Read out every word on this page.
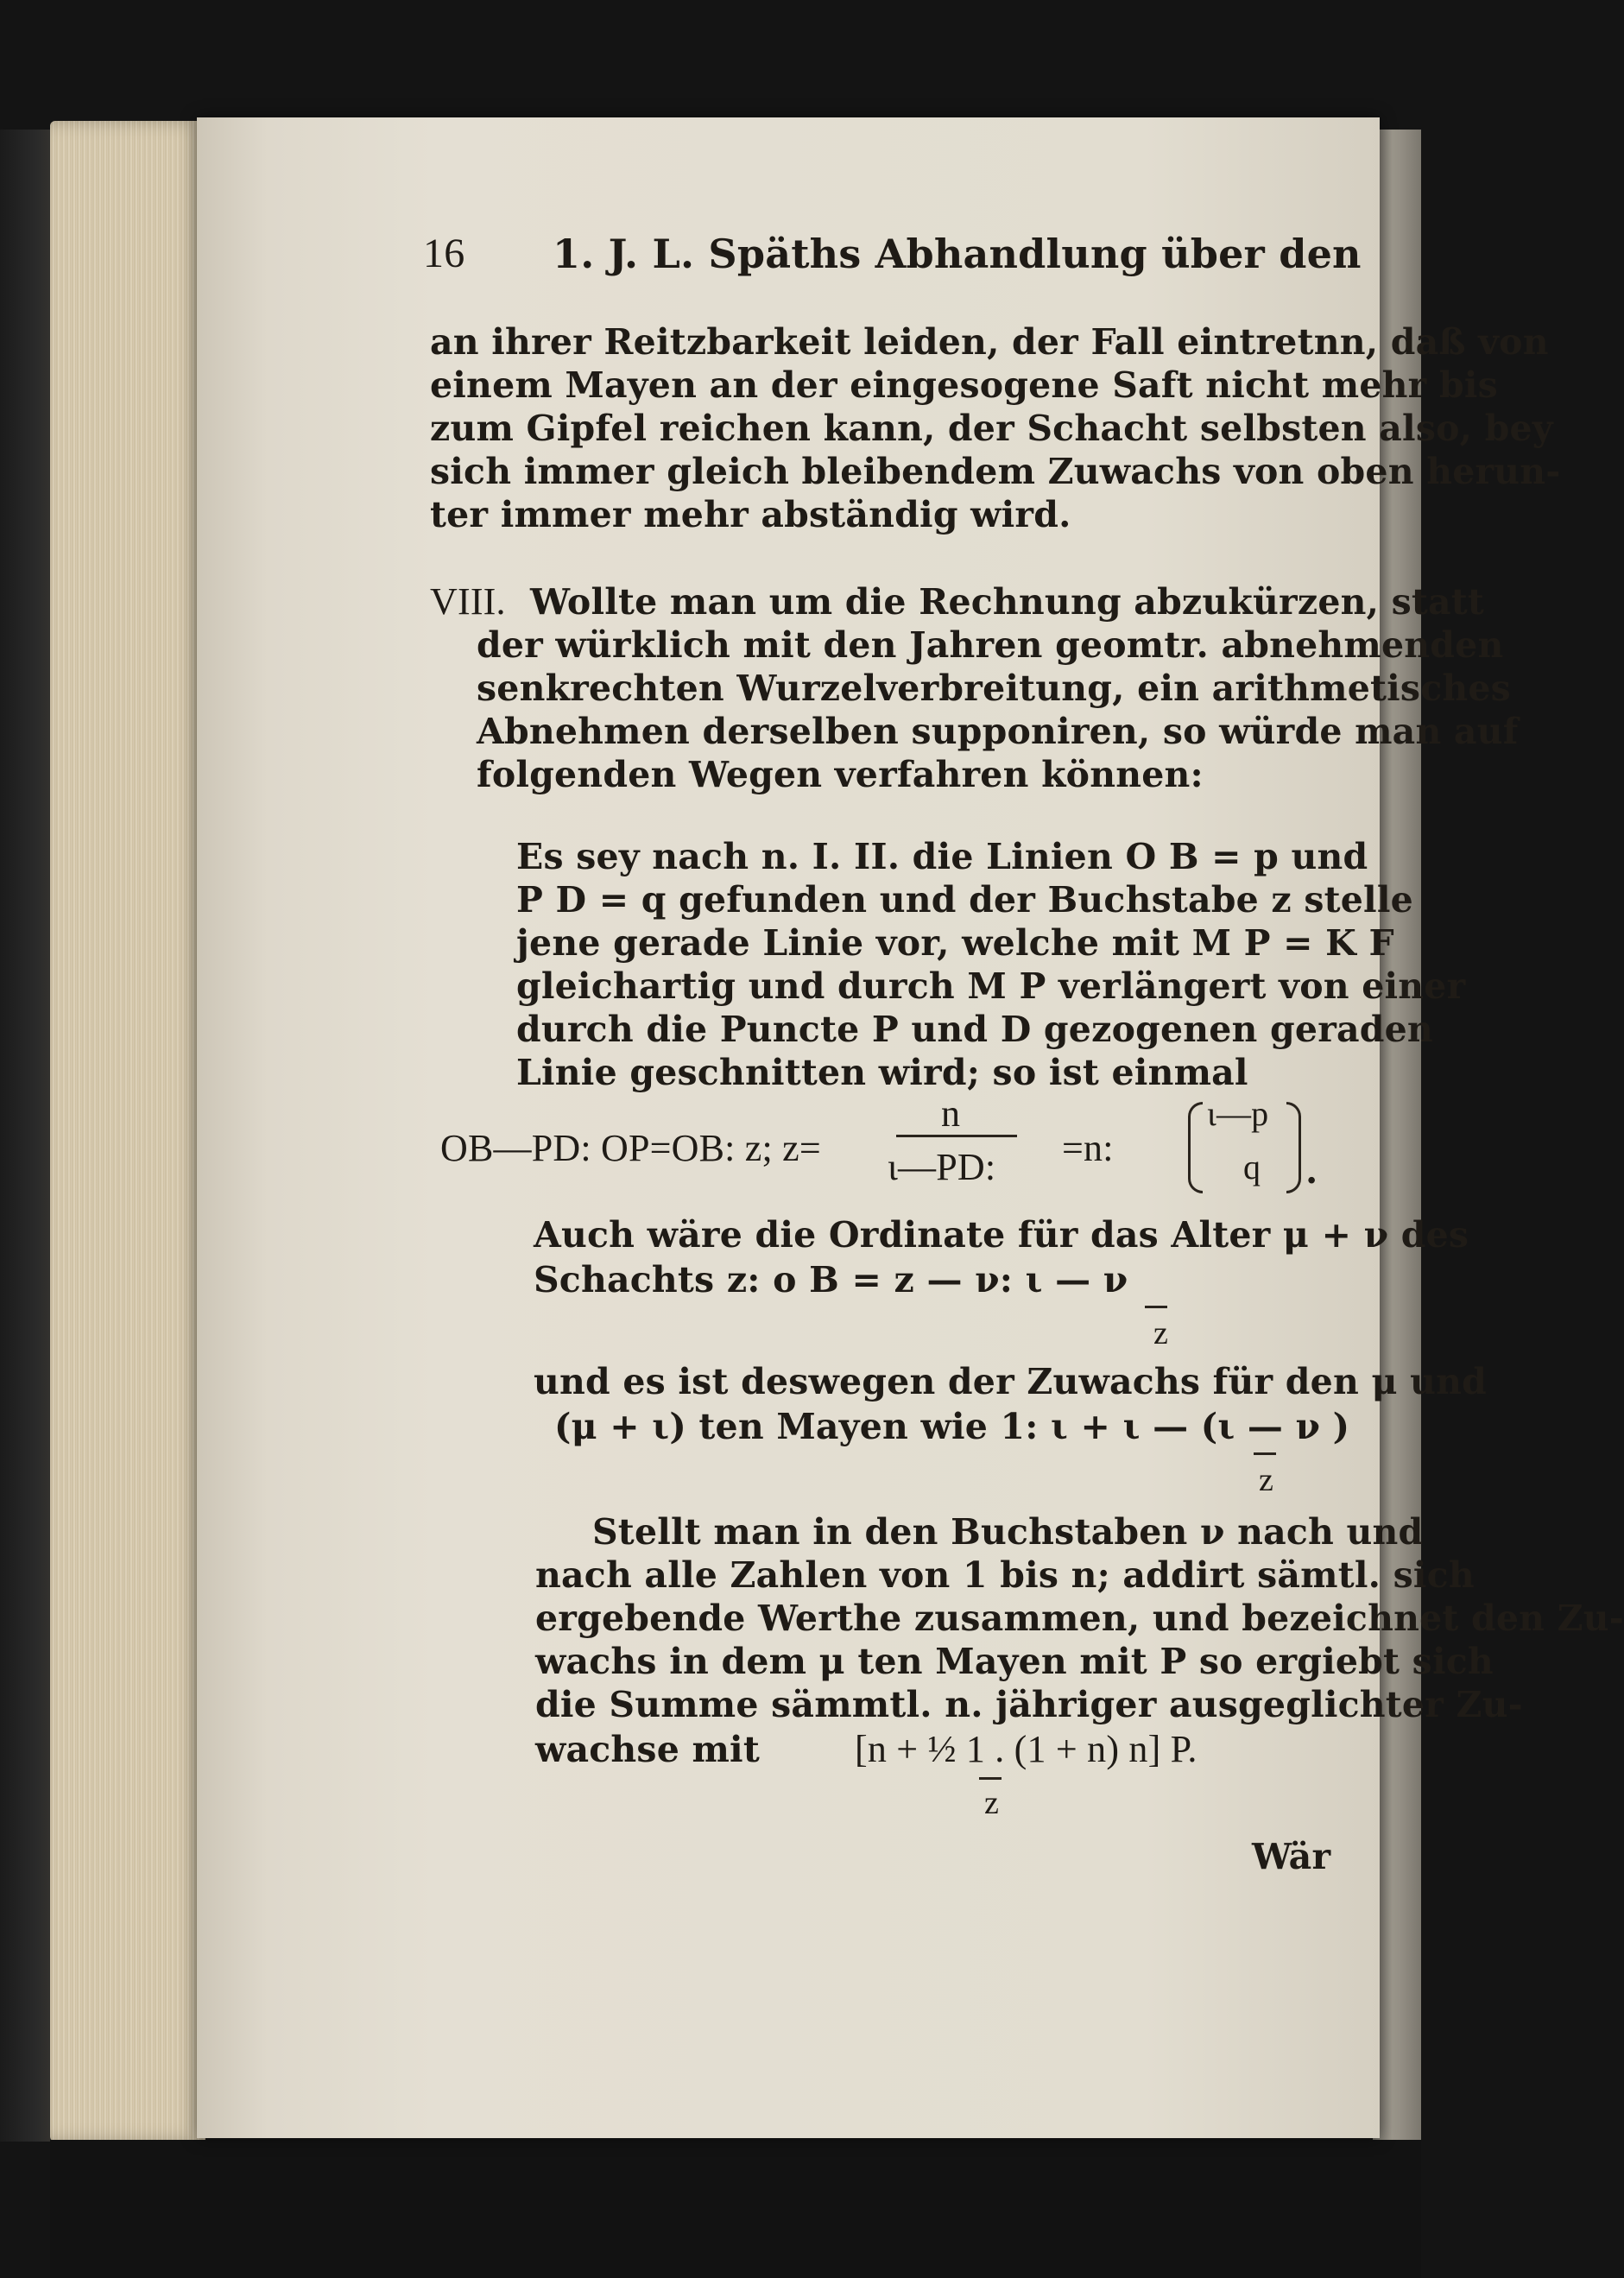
16 1. J. L. Späths Abhandlung über den
an ihrer Reitzbarkeit leiden, der Fall eintretnn, daß von
einem Mayen an der eingesogene Saft nicht mehr bis
zum Gipfel reichen kann, der Schacht selbsten also, bey
sich immer gleich bleibendem Zuwachs von oben herun-
ter immer mehr abständig wird.
VIII. Wollte man um die Rechnung abzukürzen, statt
der würklich mit den Jahren geomtr. abnehmenden
senkrechten Wurzelverbreitung, ein arithmetisches
Abnehmen derselben supponiren, so würde man auf
folgenden Wegen verfahren können:
Es sey nach n. I. II. die Linien O B = p und
P D = q gefunden und der Buchstabe z stelle
jene gerade Linie vor, welche mit M P = K F
gleichartig und durch M P verlängert von einer
durch die Puncte P und D gezogenen geraden
Linie geschnitten wird; so ist einmal
OB—PD: OP=OB: z; z=
n
ι—PD: =n:
ι—p
q .
Auch wäre die Ordinate für das Alter μ + ν des
Schachts z: o B = z — ν: ι — ν
z
und es ist deswegen der Zuwachs für den μ und
(μ + ι) ten Mayen wie 1: ι + ι — (ι — ν )
z
Stellt man in den Buchstaben ν nach und
nach alle Zahlen von 1 bis n; addirt sämtl. sich
ergebende Werthe zusammen, und bezeichnet den Zu-
wachs in dem μ ten Mayen mit P so ergiebt sich
die Summe sämmtl. n. jähriger ausgeglichter Zu-
wachse mit	[n + ½ 1 . (1 + n) n] P.
z
Wär
